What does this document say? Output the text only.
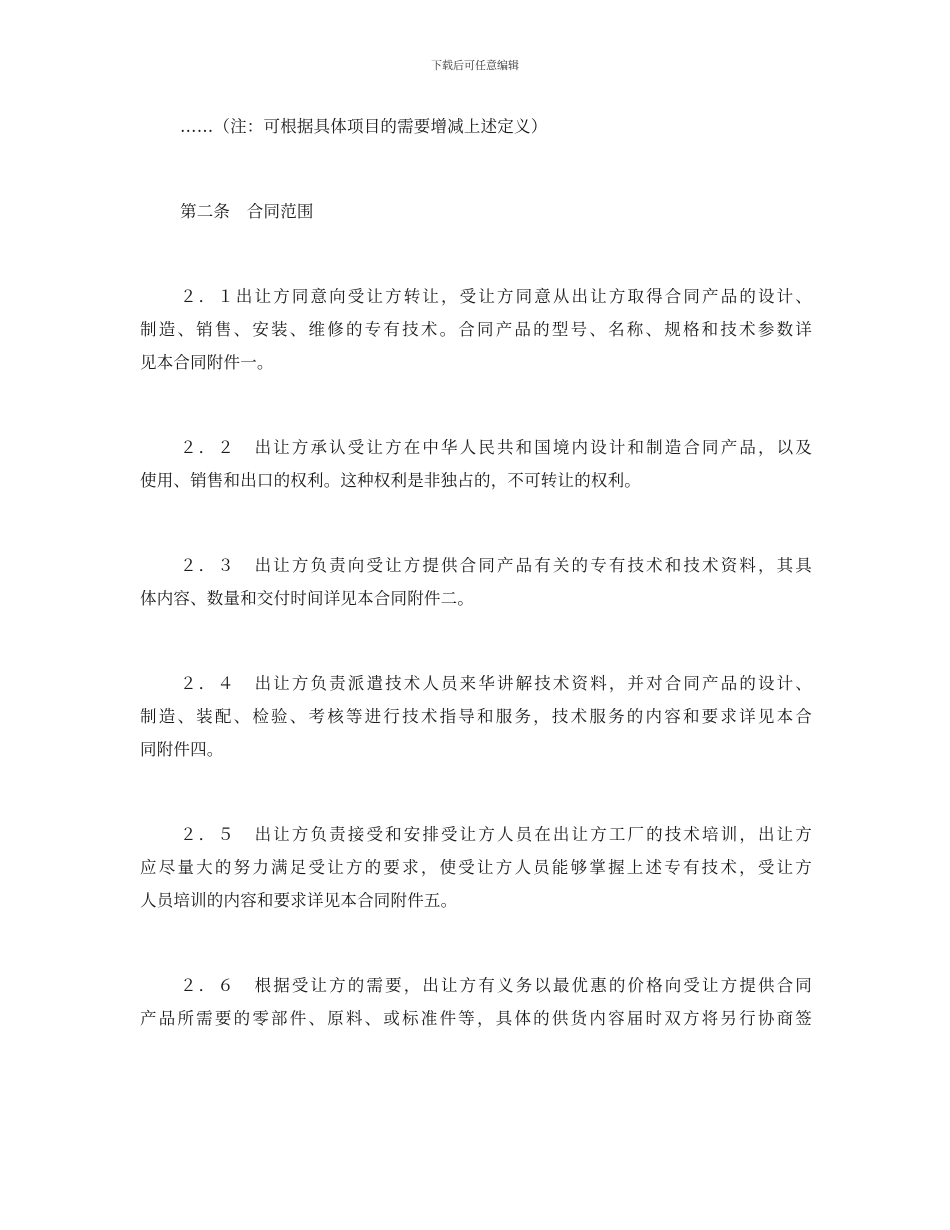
下载后可任意编辑
……（注：可根据具体项目的需要增减上述定义）
第二条　合同范围
２．１出让方同意向受让方转让，受让方同意从出让方取得合同产品的设计、
制造、销售、安装、维修的专有技术。合同产品的型号、名称、规格和技术参数详
见本合同附件一。
２．２　出让方承认受让方在中华人民共和国境内设计和制造合同产品，以及
使用、销售和出口的权利。这种权利是非独占的，不可转让的权利。
２．３　出让方负责向受让方提供合同产品有关的专有技术和技术资料，其具
体内容、数量和交付时间详见本合同附件二。
２．４　出让方负责派遣技术人员来华讲解技术资料，并对合同产品的设计、
制造、装配、检验、考核等进行技术指导和服务，技术服务的内容和要求详见本合
同附件四。
２．５　出让方负责接受和安排受让方人员在出让方工厂的技术培训，出让方
应尽量大的努力满足受让方的要求，使受让方人员能够掌握上述专有技术，受让方
人员培训的内容和要求详见本合同附件五。
２．６　根据受让方的需要，出让方有义务以最优惠的价格向受让方提供合同
产品所需要的零部件、原料、或标准件等，具体的供货内容届时双方将另行协商签
